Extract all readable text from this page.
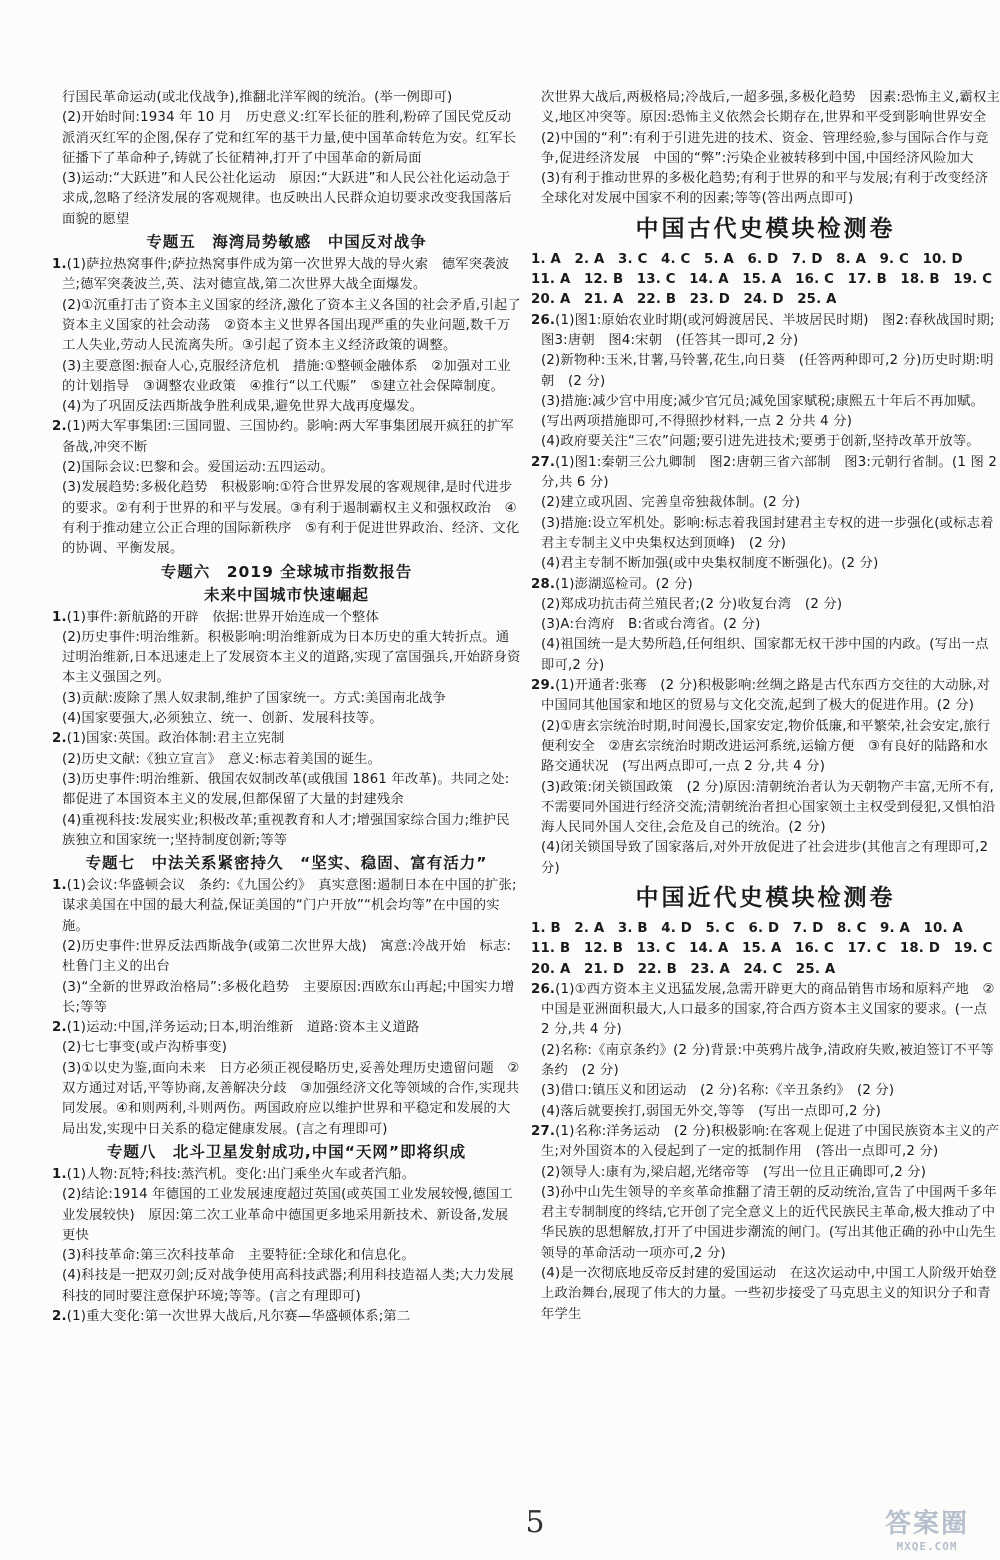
行国民革命运动(或北伐战争),推翻北洋军阀的统治。(举一例即可)

(2)开始时间:1934 年 10 月　历史意义:红军长征的胜利,粉碎了国民党反动派消灭红军的企图,保存了党和红军的基干力量,使中国革命转危为安。红军长征播下了革命种子,铸就了长征精神,打开了中国革命的新局面

(3)运动:“大跃进”和人民公社化运动　原因:“大跃进”和人民公社化运动急于求成,忽略了经济发展的客观规律。也反映出人民群众迫切要求改变我国落后面貌的愿望

专题五　海湾局势敏感　中国反对战争

1.(1)萨拉热窝事件;萨拉热窝事件成为第一次世界大战的导火索　德军突袭波兰;德军突袭波兰,英、法对德宣战,第二次世界大战全面爆发。

(2)①沉重打击了资本主义国家的经济,激化了资本主义各国的社会矛盾,引起了资本主义国家的社会动荡　②资本主义世界各国出现严重的失业问题,数千万工人失业,劳动人民流离失所。③引起了资本主义经济政策的调整。

(3)主要意图:振奋人心,克服经济危机　措施:①整顿金融体系　②加强对工业的计划指导　③调整农业政策　④推行“以工代赈”　⑤建立社会保障制度。

(4)为了巩固反法西斯战争胜利成果,避免世界大战再度爆发。

2.(1)两大军事集团:三国同盟、三国协约。影响:两大军事集团展开疯狂的扩军备战,冲突不断

(2)国际会议:巴黎和会。爱国运动:五四运动。

(3)发展趋势:多极化趋势　积极影响:①符合世界发展的客观规律,是时代进步的要求。②有利于世界的和平与发展。③有利于遏制霸权主义和强权政治　④有利于推动建立公正合理的国际新秩序　⑤有利于促进世界政治、经济、文化的协调、平衡发展。

专题六　2019 全球城市指数报告
未来中国城市快速崛起

1.(1)事件:新航路的开辟　依据:世界开始连成一个整体

(2)历史事件:明治维新。积极影响:明治维新成为日本历史的重大转折点。通过明治维新,日本迅速走上了发展资本主义的道路,实现了富国强兵,开始跻身资本主义强国之列。

(3)贡献:废除了黑人奴隶制,维护了国家统一。方式:美国南北战争

(4)国家要强大,必须独立、统一、创新、发展科技等。

2.(1)国家:英国。政治体制:君主立宪制

(2)历史文献:《独立宣言》　意义:标志着美国的诞生。

(3)历史事件:明治维新、俄国农奴制改革(或俄国 1861 年改革)。共同之处:都促进了本国资本主义的发展,但都保留了大量的封建残余

(4)重视科技:发展实业;积极改革;重视教育和人才;增强国家综合国力;维护民族独立和国家统一;坚持制度创新;等等

专题七　中法关系紧密持久　“坚实、稳固、富有活力”

1.(1)会议:华盛顿会议　条约:《九国公约》　真实意图:遏制日本在中国的扩张;谋求美国在中国的最大利益,保证美国的“门户开放”“机会均等”在中国的实施。

(2)历史事件:世界反法西斯战争(或第二次世界大战)　寓意:冷战开始　标志:杜鲁门主义的出台

(3)“全新的世界政治格局”:多极化趋势　主要原因:西欧东山再起;中国实力增长;等等

2.(1)运动:中国,洋务运动;日本,明治维新　道路:资本主义道路

(2)七七事变(或卢沟桥事变)

(3)①以史为鉴,面向未来　日方必须正视侵略历史,妥善处理历史遗留问题　②双方通过对话,平等协商,友善解决分歧　③加强经济文化等领域的合作,实现共同发展。④和则两利,斗则两伤。两国政府应以维护世界和平稳定和发展的大局出发,实现中日关系的稳定健康发展。(言之有理即可)

专题八　北斗卫星发射成功,中国“天网”即将织成

1.(1)人物:瓦特;科技:蒸汽机。变化:出门乘坐火车或者汽船。

(2)结论:1914 年德国的工业发展速度超过英国(或英国工业发展较慢,德国工业发展较快)　原因:第二次工业革命中德国更多地采用新技术、新设备,发展更快

(3)科技革命:第三次科技革命　主要特征:全球化和信息化。

(4)科技是一把双刃剑;反对战争使用高科技武器;利用科技造福人类;大力发展科技的同时要注意保护环境;等等。(言之有理即可)

2.(1)重大变化:第一次世界大战后,凡尔赛—华盛顿体系;第二

次世界大战后,两极格局;冷战后,一超多强,多极化趋势　因素:恐怖主义,霸权主义,地区冲突等。原因:恐怖主义依然会长期存在,世界和平受到影响世界安全

(2)中国的“利”:有利于引进先进的技术、资金、管理经验,参与国际合作与竞争,促进经济发展　中国的“弊”:污染企业被转移到中国,中国经济风险加大

(3)有利于推动世界的多极化趋势;有利于世界的和平与发展;有利于改变经济全球化对发展中国家不利的因素;等等(答出两点即可)

中国古代史模块检测卷

1. A　2. A　3. C　4. C　5. A　6. D　7. D　8. A　9. C　10. D

11. A　12. B　13. C　14. A　15. A　16. C　17. B　18. B　19. C

20. A　21. A　22. B　23. D　24. D　25. A

26.(1)图1:原始农业时期(或河姆渡居民、半坡居民时期)　图2:春秋战国时期;图3:唐朝　图4:宋朝　(任答其一即可,2 分)

(2)新物种:玉米,甘薯,马铃薯,花生,向日葵　(任答两种即可,2 分)历史时期:明朝　(2 分)

(3)措施:减少宫中用度;减少官冗员;减免国家赋税;康熙五十年后不再加赋。(写出两项措施即可,不得照抄材料,一点 2 分共 4 分)

(4)政府要关注“三农”问题;要引进先进技术;要勇于创新,坚持改革开放等。

27.(1)图1:秦朝三公九卿制　图2:唐朝三省六部制　图3:元朝行省制。(1 图 2 分,共 6 分)

(2)建立或巩固、完善皇帝独裁体制。(2 分)

(3)措施:设立军机处。影响:标志着我国封建君主专权的进一步强化(或标志着君主专制主义中央集权达到顶峰)　(2 分)

(4)君主专制不断加强(或中央集权制度不断强化)。(2 分)

28.(1)澎湖巡检司。(2 分)

(2)郑成功抗击荷兰殖民者;(2 分)收复台湾　(2 分)

(3)A:台湾府　B:省或台湾省。(2 分)

(4)祖国统一是大势所趋,任何组织、国家都无权干涉中国的内政。(写出一点即可,2 分)

29.(1)开通者:张骞　(2 分)积极影响:丝绸之路是古代东西方交往的大动脉,对中国同其他国家和地区的贸易与文化交流,起到了极大的促进作用。(2 分)

(2)①唐玄宗统治时期,时间漫长,国家安定,物价低廉,和平繁荣,社会安定,旅行便利安全　②唐玄宗统治时期改进运河系统,运输方便　③有良好的陆路和水路交通状况　(写出两点即可,一点 2 分,共 4 分)

(3)政策:闭关锁国政策　(2 分)原因:清朝统治者认为天朝物产丰富,无所不有,不需要同外国进行经济交流;清朝统治者担心国家领土主权受到侵犯,又惧怕沿海人民同外国人交往,会危及自己的统治。(2 分)

(4)闭关锁国导致了国家落后,对外开放促进了社会进步(其他言之有理即可,2 分)

中国近代史模块检测卷

1. B　2. A　3. B　4. D　5. C　6. D　7. D　8. C　9. A　10. A

11. B　12. B　13. C　14. A　15. A　16. C　17. C　18. D　19. C

20. A　21. D　22. B　23. A　24. C　25. A

26.(1)①西方资本主义迅猛发展,急需开辟更大的商品销售市场和原料产地　②中国是亚洲面积最大,人口最多的国家,符合西方资本主义国家的要求。(一点 2 分,共 4 分)

(2)名称:《南京条约》(2 分)背景:中英鸦片战争,清政府失败,被迫签订不平等条约　(2 分)

(3)借口:镇压义和团运动　(2 分)名称:《辛丑条约》　(2 分)

(4)落后就要挨打,弱国无外交,等等　(写出一点即可,2 分)

27.(1)名称:洋务运动　(2 分)积极影响:在客观上促进了中国民族资本主义的产生;对外国资本的入侵起到了一定的抵制作用　(答出一点即可,2 分)

(2)领导人:康有为,梁启超,光绪帝等　(写出一位且正确即可,2 分)

(3)孙中山先生领导的辛亥革命推翻了清王朝的反动统治,宣告了中国两千多年君主专制制度的终结,它开创了完全意义上的近代民族民主革命,极大推动了中华民族的思想解放,打开了中国进步潮流的闸门。(写出其他正确的孙中山先生领导的革命活动一项亦可,2 分)

(4)是一次彻底地反帝反封建的爱国运动　在这次运动中,中国工人阶级开始登上政治舞台,展现了伟大的力量。一些初步接受了马克思主义的知识分子和青年学生

5	答案圈
MXQE.COM
